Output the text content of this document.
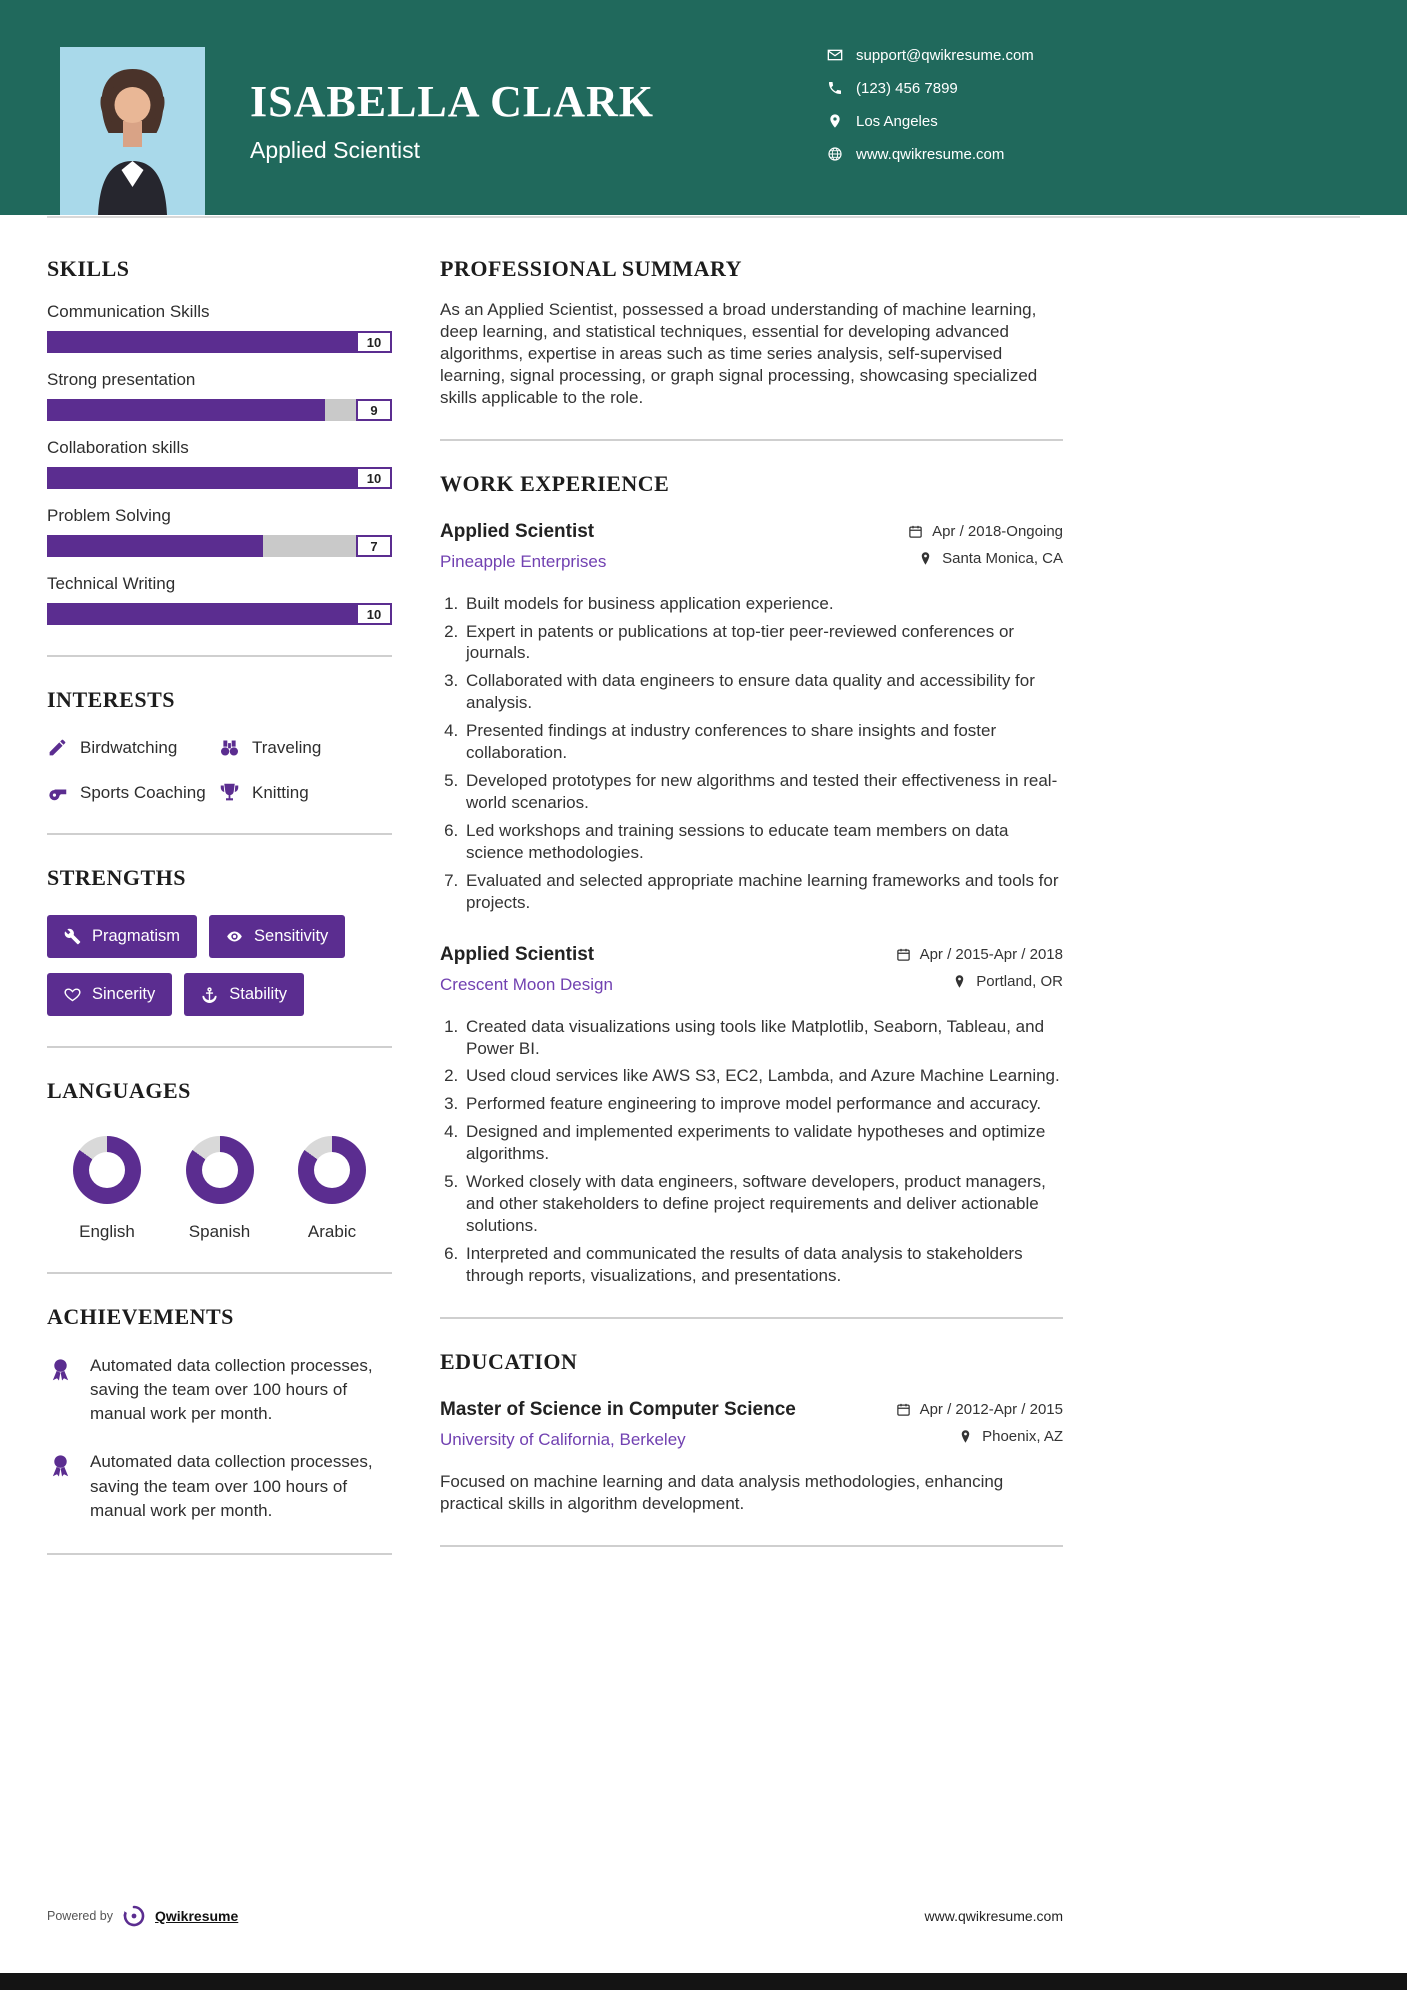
ISABELLA CLARK
Applied Scientist
support@qwikresume.com
(123) 456 7899
Los Angeles
www.qwikresume.com
SKILLS
Communication Skills
10
Strong presentation
9
Collaboration skills
10
Problem Solving
7
Technical Writing
10
INTERESTS
Birdwatching	Traveling
Sports Coaching	Knitting
STRENGTHS
Pragmatism	Sensitivity
Sincerity	Stability
LANGUAGES
English	Spanish	Arabic
ACHIEVEMENTS
Automated data collection processes, saving the team over 100 hours of manual work per month.
Automated data collection processes, saving the team over 100 hours of manual work per month.
PROFESSIONAL SUMMARY

As an Applied Scientist, possessed a broad understanding of machine learning, deep learning, and statistical techniques, essential for developing advanced algorithms, expertise in areas such as time series analysis, self-supervised learning, signal processing, or graph signal processing, showcasing specialized skills applicable to the role.

WORK EXPERIENCE
Applied Scientist
Pineapple Enterprises
Apr / 2018-Ongoing
Santa Monica, CA
1. Built models for business application experience.
2. Expert in patents or publications at top-tier peer-reviewed conferences or journals.
3. Collaborated with data engineers to ensure data quality and accessibility for analysis.
4. Presented findings at industry conferences to share insights and foster collaboration.
5. Developed prototypes for new algorithms and tested their effectiveness in real-world scenarios.
6. Led workshops and training sessions to educate team members on data science methodologies.
7. Evaluated and selected appropriate machine learning frameworks and tools for projects.
Applied Scientist
Crescent Moon Design
Apr / 2015-Apr / 2018
Portland, OR
1. Created data visualizations using tools like Matplotlib, Seaborn, Tableau, and Power BI.
2. Used cloud services like AWS S3, EC2, Lambda, and Azure Machine Learning.
3. Performed feature engineering to improve model performance and accuracy.
4. Designed and implemented experiments to validate hypotheses and optimize algorithms.
5. Worked closely with data engineers, software developers, product managers, and other stakeholders to define project requirements and deliver actionable solutions.
6. Interpreted and communicated the results of data analysis to stakeholders through reports, visualizations, and presentations.
EDUCATION
Master of Science in Computer Science
University of California, Berkeley
Apr / 2012-Apr / 2015
Phoenix, AZ

Focused on machine learning and data analysis methodologies, enhancing practical skills in algorithm development.

Powered by	Qwikresume	www.qwikresume.com
